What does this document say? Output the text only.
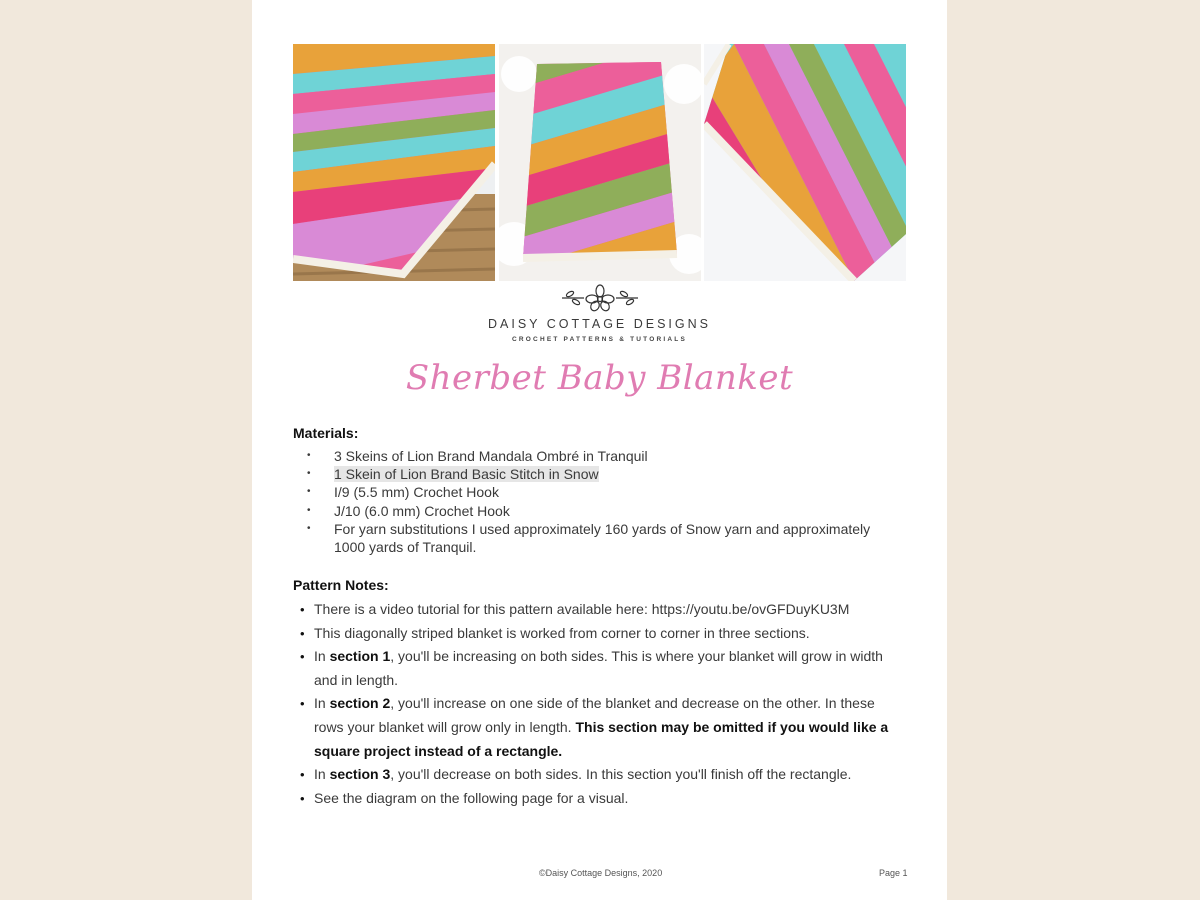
DAISY COTTAGE DESIGNS
CROCHET PATTERNS & TUTORIALS
Sherbet Baby Blanket
Materials:
• 3 Skeins of Lion Brand Mandala Ombré in Tranquil
• 1 Skein of Lion Brand Basic Stitch in Snow
• I/9 (5.5 mm) Crochet Hook
• J/10 (6.0 mm) Crochet Hook
• For yarn substitutions I used approximately 160 yards of Snow yarn and approximately
1000 yards of Tranquil.
Pattern Notes:
• There is a video tutorial for this pattern available here: https://youtu.be/ovGFDuyKU3M
• This diagonally striped blanket is worked from corner to corner in three sections.
• In section 1, you'll be increasing on both sides. This is where your blanket will grow in width
and in length.
• In section 2, you'll increase on one side of the blanket and decrease on the other. In these
rows your blanket will grow only in length. This section may be omitted if you would like a
square project instead of a rectangle.
• In section 3, you'll decrease on both sides. In this section you'll finish off the rectangle.
• See the diagram on the following page for a visual.
©Daisy Cottage Designs, 2020	Page 1
